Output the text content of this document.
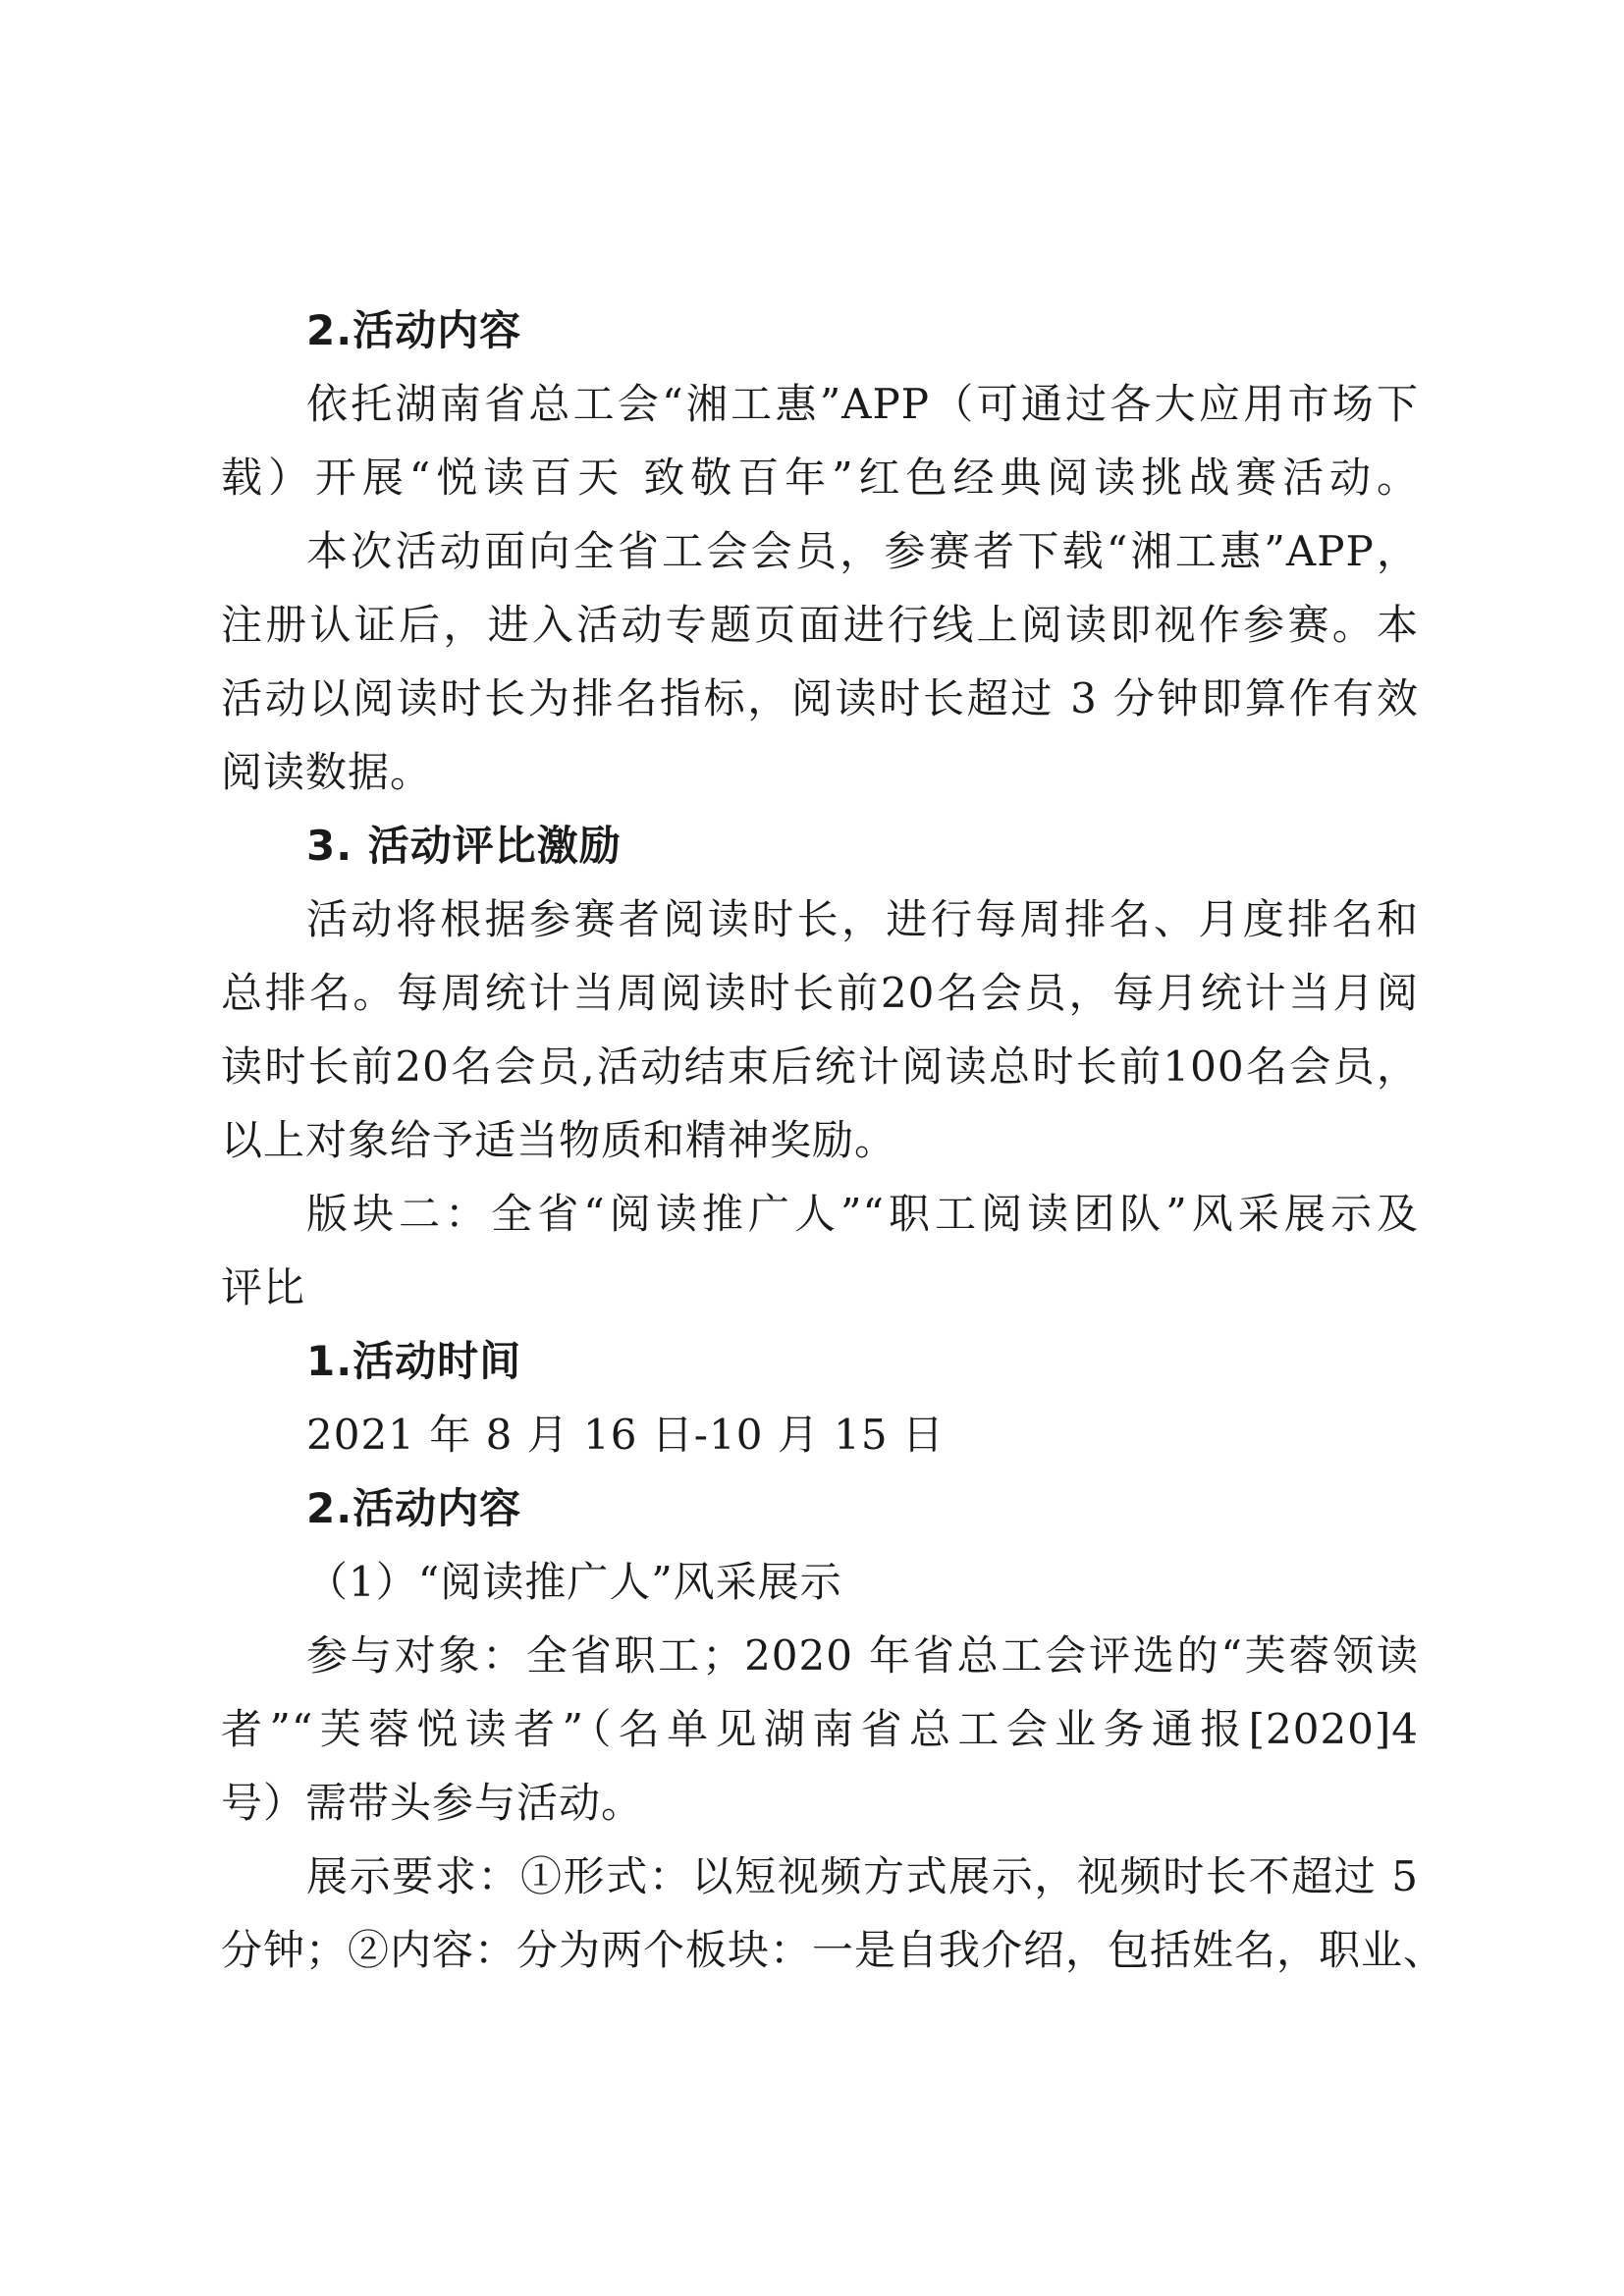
2.活动内容
依托湖南省总工会“湘工惠”APP（可通过各大应用市场下
载）开展“悦读百天 致敬百年”红色经典阅读挑战赛活动。
本次活动面向全省工会会员，参赛者下载“湘工惠”APP，
注册认证后，进入活动专题页面进行线上阅读即视作参赛。本
活动以阅读时长为排名指标，阅读时长超过 3 分钟即算作有效
阅读数据。
3. 活动评比激励
活动将根据参赛者阅读时长，进行每周排名、月度排名和
总排名。每周统计当周阅读时长前20名会员，每月统计当月阅
读时长前20名会员,活动结束后统计阅读总时长前100名会员，
以上对象给予适当物质和精神奖励。
版块二：全省“阅读推广人”“职工阅读团队”风采展示及
评比
1.活动时间
2021 年 8 月 16 日-10 月 15 日
2.活动内容
（1）“阅读推广人”风采展示
参与对象：全省职工；2020 年省总工会评选的“芙蓉领读
者”“芙蓉悦读者”（名单见湖南省总工会业务通报[2020]4
号）需带头参与活动。
展示要求：①形式：以短视频方式展示，视频时长不超过 5
分钟；②内容：分为两个板块：一是自我介绍，包括姓名，职业、
